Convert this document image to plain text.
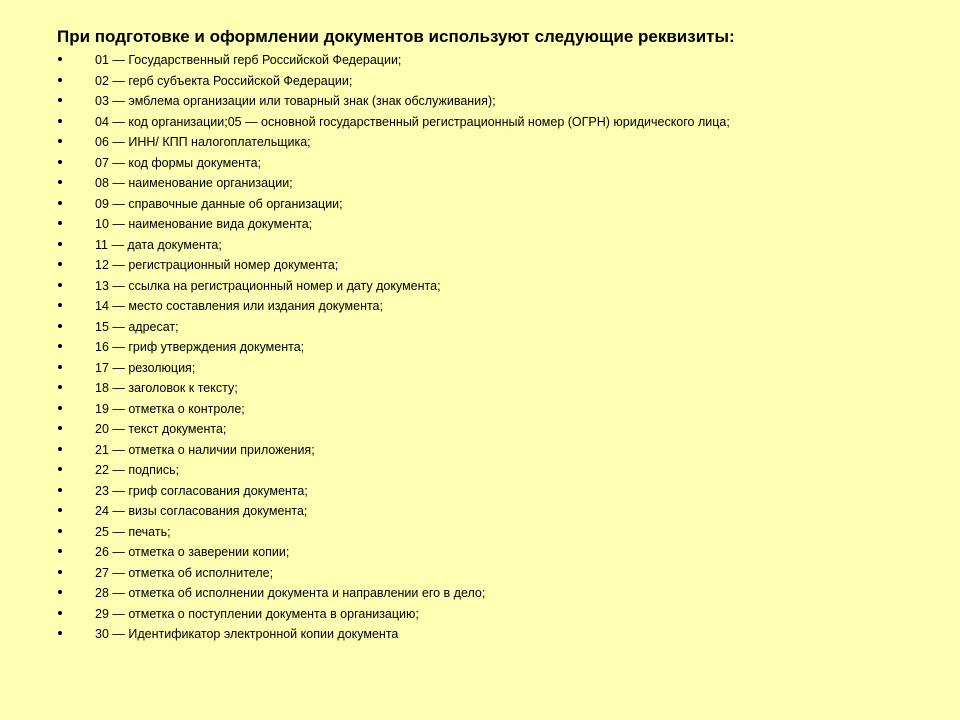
При подготовке и оформлении документов используют следующие реквизиты:
01 — Государственный герб Российской Федерации;
02 — герб субъекта Российской Федерации;
03 — эмблема организации или товарный знак (знак обслуживания);
04 — код организации;05 — основной государственный регистрационный номер (ОГРН) юридического лица;
06 — ИНН/ КПП налогоплательщика;
07 — код формы документа;
08 — наименование организации;
09 — справочные данные об организации;
10 — наименование вида документа;
11 — дата документа;
12 — регистрационный номер документа;
13 — ссылка на регистрационный номер и дату документа;
14 — место составления или издания документа;
15 — адресат;
16 — гриф утверждения документа;
17 — резолюция;
18 — заголовок к тексту;
19 — отметка о контроле;
20 — текст документа;
21 — отметка о наличии приложения;
22 — подпись;
23 — гриф согласования документа;
24 — визы согласования документа;
25 — печать;
26 — отметка о заверении копии;
27 — отметка об исполнителе;
28 — отметка об исполнении документа и направлении его в дело;
29 — отметка о поступлении документа в организацию;
30 — Идентификатор электронной копии документа
